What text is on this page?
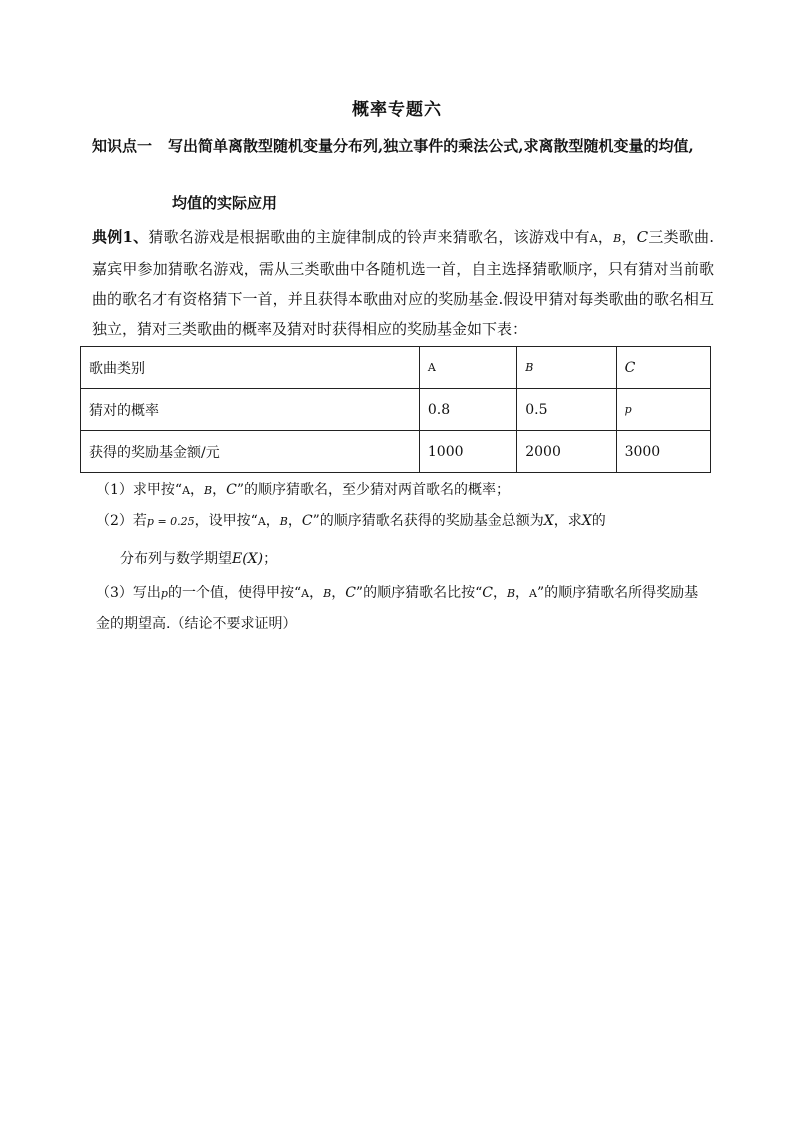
概率专题六
知识点一 写出简单离散型随机变量分布列,独立事件的乘法公式,求离散型随机变量的均值,
均值的实际应用
典例1、猜歌名游戏是根据歌曲的主旋律制成的铃声来猜歌名，该游戏中有A，B，C三类歌曲.嘉宾甲参加猜歌名游戏，需从三类歌曲中各随机选一首，自主选择猜歌顺序，只有猜对当前歌曲的歌名才有资格猜下一首，并且获得本歌曲对应的奖励基金.假设甲猜对每类歌曲的歌名相互独立，猜对三类歌曲的概率及猜对时获得相应的奖励基金如下表：
歌曲类别	A	B	C
猜对的概率	0.8	0.5	p
获得的奖励基金额/元	1000	2000	3000
（1）求甲按“A，B，C”的顺序猜歌名，至少猜对两首歌名的概率；
（2）若p = 0.25，设甲按“A，B，C”的顺序猜歌名获得的奖励基金总额为X，求X的
分布列与数学期望E(X)；
（3）写出p的一个值，使得甲按“A，B，C”的顺序猜歌名比按“C，B，A”的顺序猜歌名所得奖励基金的期望高.（结论不要求证明）
